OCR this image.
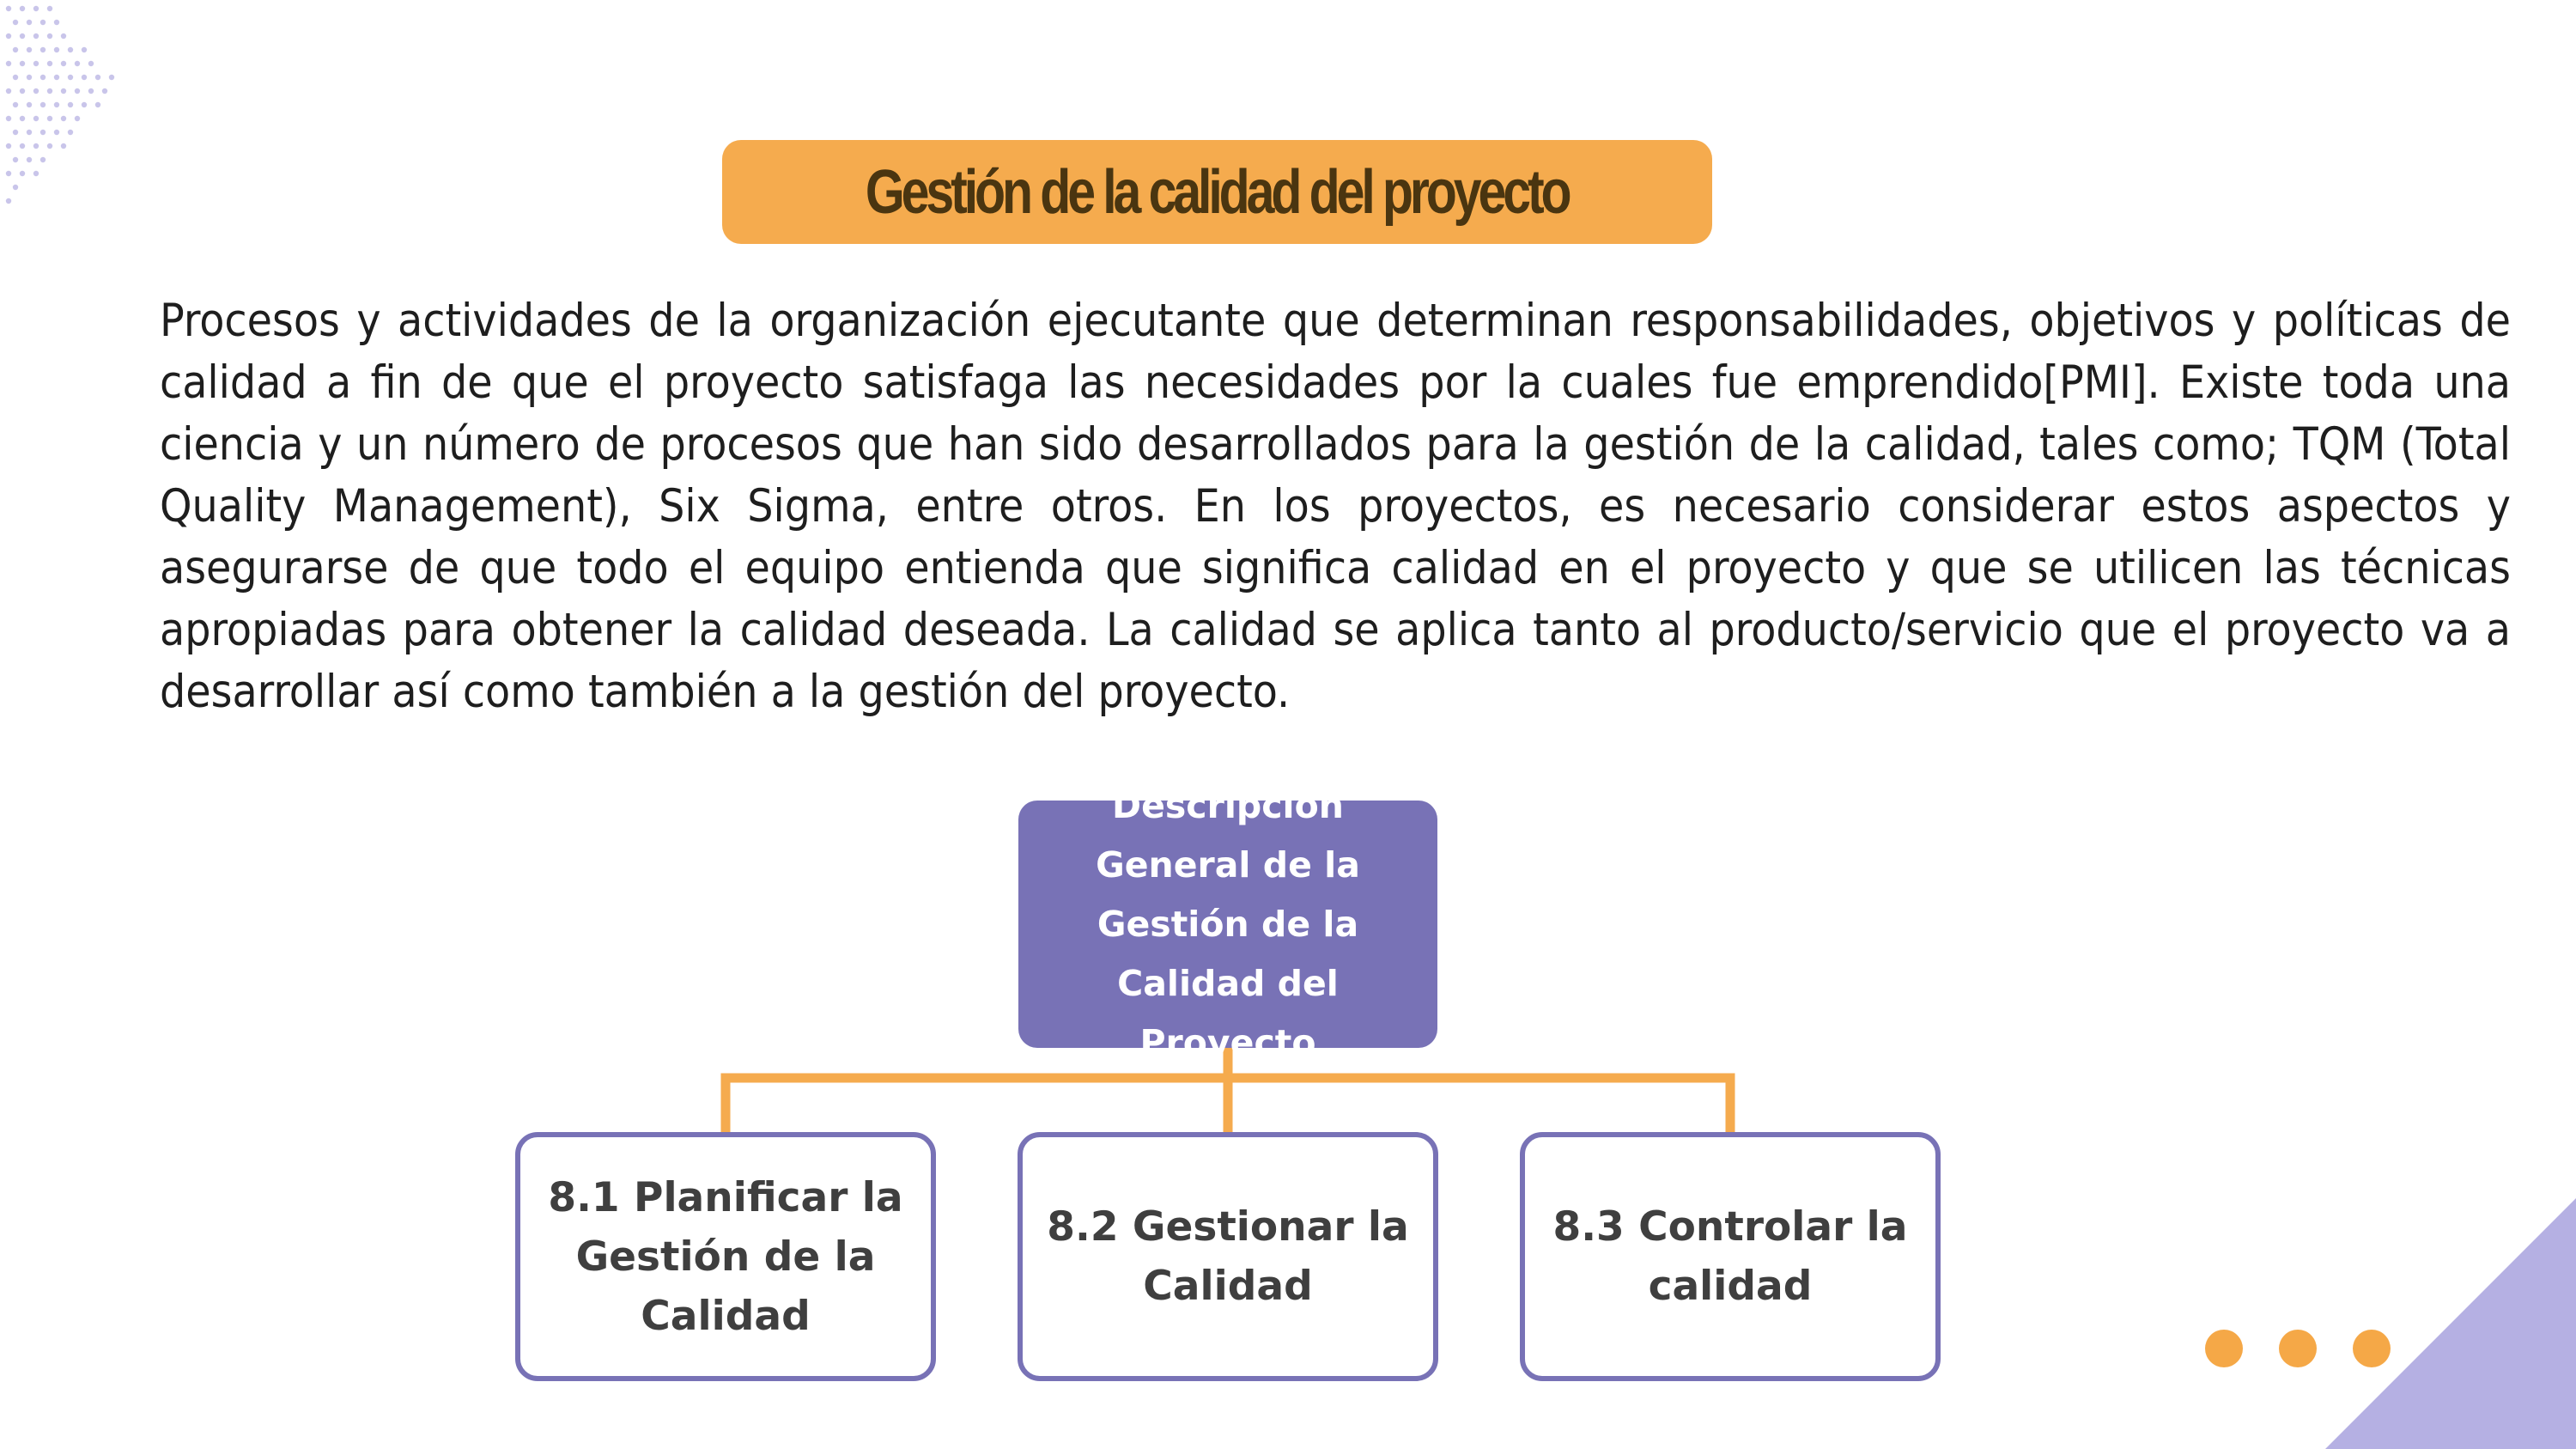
Gestión de la calidad del proyecto

Procesos y actividades de la organización ejecutante que determinan responsabilidades, objetivos y políticas de calidad a fin de que el proyecto satisfaga las necesidades por la cuales fue emprendido[PMI]. Existe toda una ciencia y un número de procesos que han sido desarrollados para la gestión de la calidad, tales como; TQM (Total Quality Management), Six Sigma, entre otros. En los proyectos, es necesario considerar estos aspectos y asegurarse de que todo el equipo entienda que significa calidad en el proyecto y que se utilicen las técnicas apropiadas para obtener la calidad deseada. La calidad se aplica tanto al producto/servicio que el proyecto va a desarrollar así como también a la gestión del proyecto.

Descripción General de la Gestión de la Calidad del Proyecto
8.1 Planificar la Gestión de la Calidad
8.2 Gestionar la Calidad
8.3 Controlar la calidad
